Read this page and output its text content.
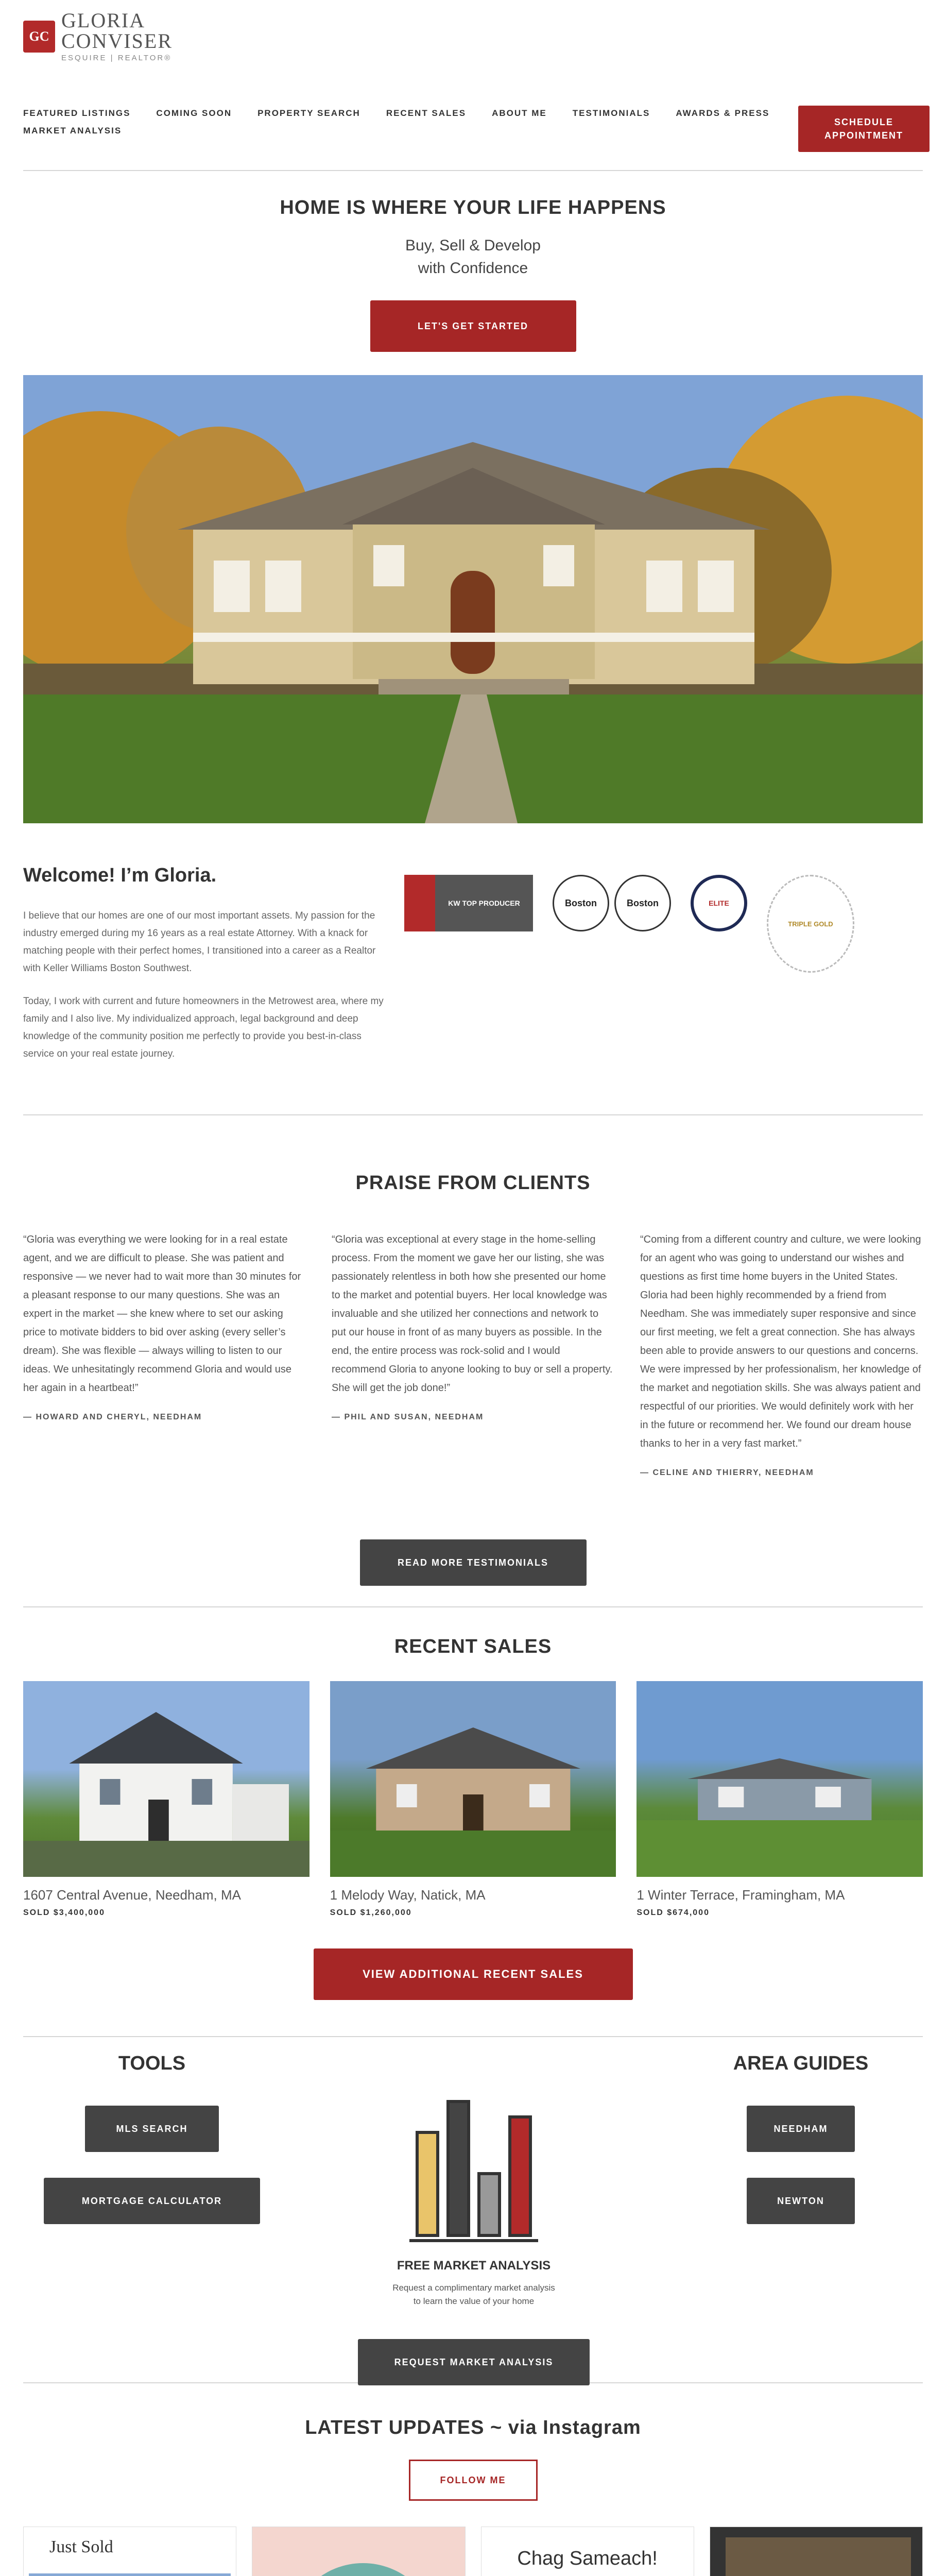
GC
GLORIA
CONVISER
ESQUIRE | REALTOR®
FEATURED LISTINGS	COMING SOON	PROPERTY SEARCH	RECENT SALES	ABOUT ME	TESTIMONIALS	AWARDS & PRESS
MARKET ANALYSIS
SCHEDULE APPOINTMENT
HOME IS WHERE YOUR LIFE HAPPENS
Buy, Sell & Develop
with Confidence
LET'S GET STARTED
Welcome! I’m Gloria.

I believe that our homes are one of our most important assets. My passion for the industry emerged during my 16 years as a real estate Attorney. With a knack for matching people with their perfect homes, I transitioned into a career as a Realtor with Keller Williams Boston Southwest.

Today, I work with current and future homeowners in the Metrowest area, where my family and I also live. My individualized approach, legal background and deep knowledge of the community position me perfectly to provide you best-in-class service on your real estate journey.

KW TOP PRODUCER	Boston	Boston	ELITE
TRIPLE GOLD
PRAISE FROM CLIENTS

“Gloria was everything we were looking for in a real estate agent, and we are difficult to please. She was patient and responsive — we never had to wait more than 30 minutes for a pleasant response to our many questions. She was an expert in the market — she knew where to set our asking price to motivate bidders to bid over asking (every seller’s dream). She was flexible — always willing to listen to our ideas. We unhesitatingly recommend Gloria and would use her again in a heartbeat!”

— HOWARD AND CHERYL, NEEDHAM

“Gloria was exceptional at every stage in the home-selling process. From the moment we gave her our listing, she was passionately relentless in both how she presented our home to the market and potential buyers. Her local knowledge was invaluable and she utilized her connections and network to put our house in front of as many buyers as possible. In the end, the entire process was rock-solid and I would recommend Gloria to anyone looking to buy or sell a property. She will get the job done!”

— PHIL AND SUSAN, NEEDHAM

“Coming from a different country and culture, we were looking for an agent who was going to understand our wishes and questions as first time home buyers in the United States. Gloria had been highly recommended by a friend from Needham. She was immediately super responsive and since our first meeting, we felt a great connection. She has always been able to provide answers to our questions and concerns. We were impressed by her professionalism, her knowledge of the market and negotiation skills. She was always patient and respectful of our priorities. We would definitely work with her in the future or recommend her. We found our dream house thanks to her in a very fast market.”

— CELINE AND THIERRY, NEEDHAM
READ MORE TESTIMONIALS
RECENT SALES
1607 Central Avenue, Needham, MA
SOLD $3,400,000
1 Melody Way, Natick, MA
SOLD $1,260,000
1 Winter Terrace, Framingham, MA
SOLD $674,000
VIEW ADDITIONAL RECENT SALES
TOOLS
MLS SEARCH
MORTGAGE CALCULATOR
FREE MARKET ANALYSIS
Request a complimentary market analysis
to learn the value of your home
REQUEST MARKET ANALYSIS
AREA GUIDES
NEEDHAM
NEWTON
LATEST UPDATES ~ via Instagram
FOLLOW ME
Just Sold
Chag Sameach!
